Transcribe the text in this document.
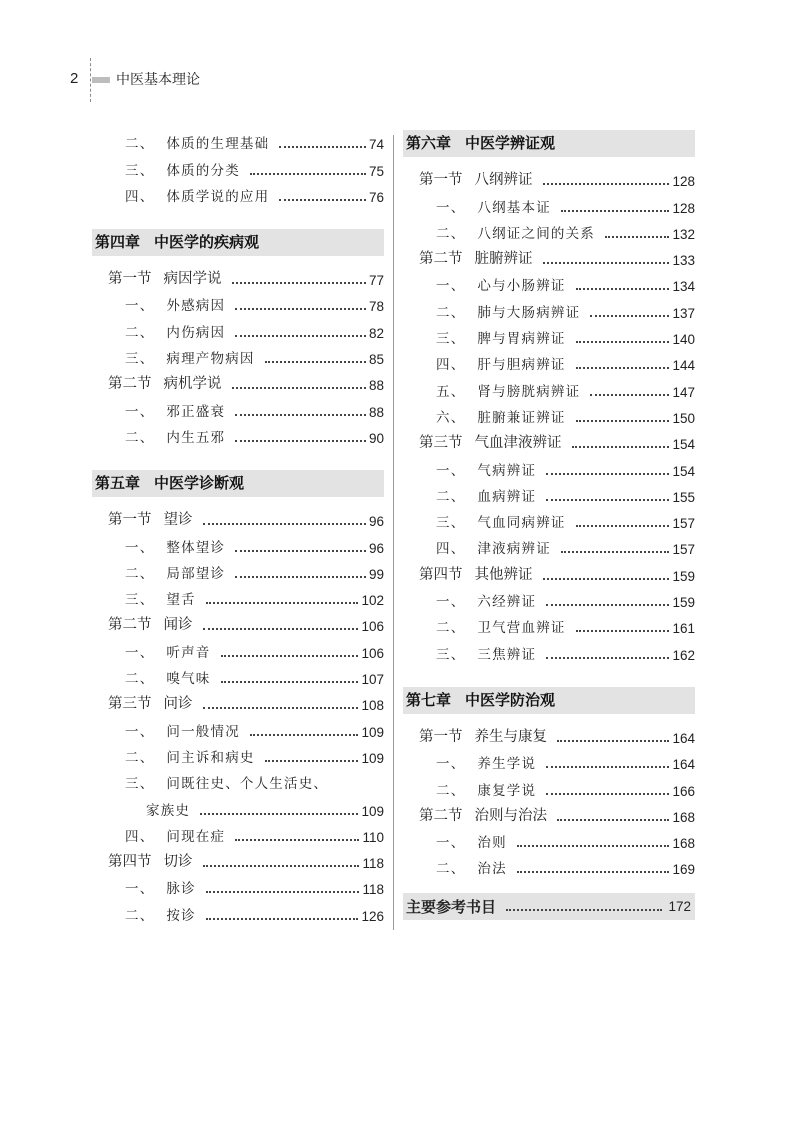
2	中医基本理论
二、 体质的生理基础	74
三、 体质的分类	75
四、 体质学说的应用	76
第四章 中医学的疾病观
第一节 病因学说	77
一、 外感病因	78
二、 内伤病因	82
三、 病理产物病因	85
第二节 病机学说	88
一、 邪正盛衰	88
二、 内生五邪	90
第五章 中医学诊断观
第一节 望诊	96
一、 整体望诊	96
二、 局部望诊	99
三、 望舌	102
第二节 闻诊	106
一、 听声音	106
二、 嗅气味	107
第三节 问诊	108
一、 问一般情况	109
二、 问主诉和病史	109
三、 问既往史、个人生活史、
家族史	109
四、 问现在症	110
第四节 切诊	118
一、 脉诊	118
二、 按诊	126
第六章 中医学辨证观
第一节 八纲辨证	128
一、 八纲基本证	128
二、 八纲证之间的关系	132
第二节 脏腑辨证	133
一、 心与小肠辨证	134
二、 肺与大肠病辨证	137
三、 脾与胃病辨证	140
四、 肝与胆病辨证	144
五、 肾与膀胱病辨证	147
六、 脏腑兼证辨证	150
第三节 气血津液辨证	154
一、 气病辨证	154
二、 血病辨证	155
三、 气血同病辨证	157
四、 津液病辨证	157
第四节 其他辨证	159
一、 六经辨证	159
二、 卫气营血辨证	161
三、 三焦辨证	162
第七章 中医学防治观
第一节 养生与康复	164
一、 养生学说	164
二、 康复学说	166
第二节 治则与治法	168
一、 治则	168
二、 治法	169
主要参考书目	172
